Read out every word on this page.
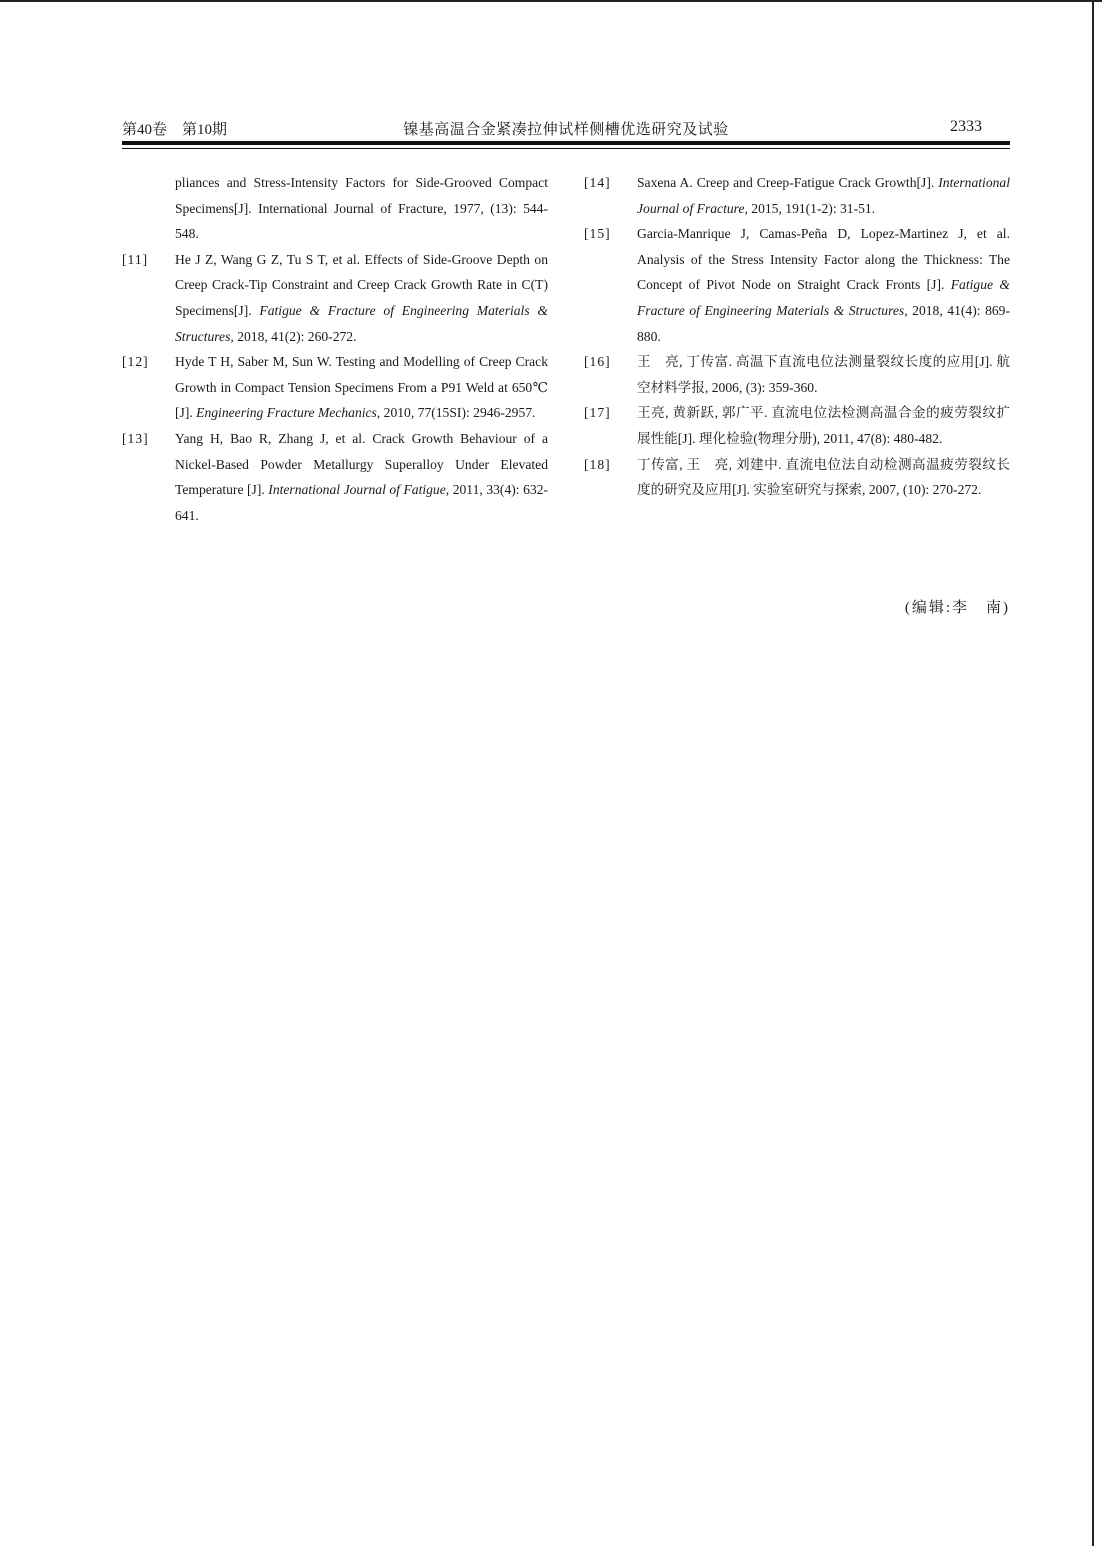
第40卷　第10期	镍基高温合金紧凑拉伸试样侧槽优选研究及试验	2333
pliances and Stress-Intensity Factors for Side-Grooved Compact Specimens[J]. International Journal of Fracture, 1977, (13): 544-548.
[11]	He J Z, Wang G Z, Tu S T, et al. Effects of Side-Groove Depth on Creep Crack-Tip Constraint and Creep Crack Growth Rate in C(T) Specimens[J]. Fatigue & Fracture of Engineering Materials & Structures, 2018, 41(2): 260-272.
[12]	Hyde T H, Saber M, Sun W. Testing and Modelling of Creep Crack Growth in Compact Tension Specimens From a P91 Weld at 650℃[J]. Engineering Fracture Mechanics, 2010, 77(15SI): 2946-2957.
[13]	Yang H, Bao R, Zhang J, et al. Crack Growth Behaviour of a Nickel-Based Powder Metallurgy Superalloy Under Elevated Temperature [J]. International Journal of Fatigue, 2011, 33(4): 632-641.
[14]	Saxena A. Creep and Creep-Fatigue Crack Growth[J]. International Journal of Fracture, 2015, 191(1-2): 31-51.
[15]	Garcia-Manrique J, Camas-Peña D, Lopez-Martinez J, et al. Analysis of the Stress Intensity Factor along the Thickness: The Concept of Pivot Node on Straight Crack Fronts [J]. Fatigue & Fracture of Engineering Materials & Structures, 2018, 41(4): 869-880.
[16]	王　亮, 丁传富. 高温下直流电位法测量裂纹长度的应用[J]. 航空材料学报, 2006, (3): 359-360.
[17]	王亮, 黄新跃, 郭广平. 直流电位法检测高温合金的疲劳裂纹扩展性能[J]. 理化检验(物理分册), 2011, 47(8): 480-482.
[18]	丁传富, 王　亮, 刘建中. 直流电位法自动检测高温疲劳裂纹长度的研究及应用[J]. 实验室研究与探索, 2007, (10): 270-272.
(编辑:李　南)
